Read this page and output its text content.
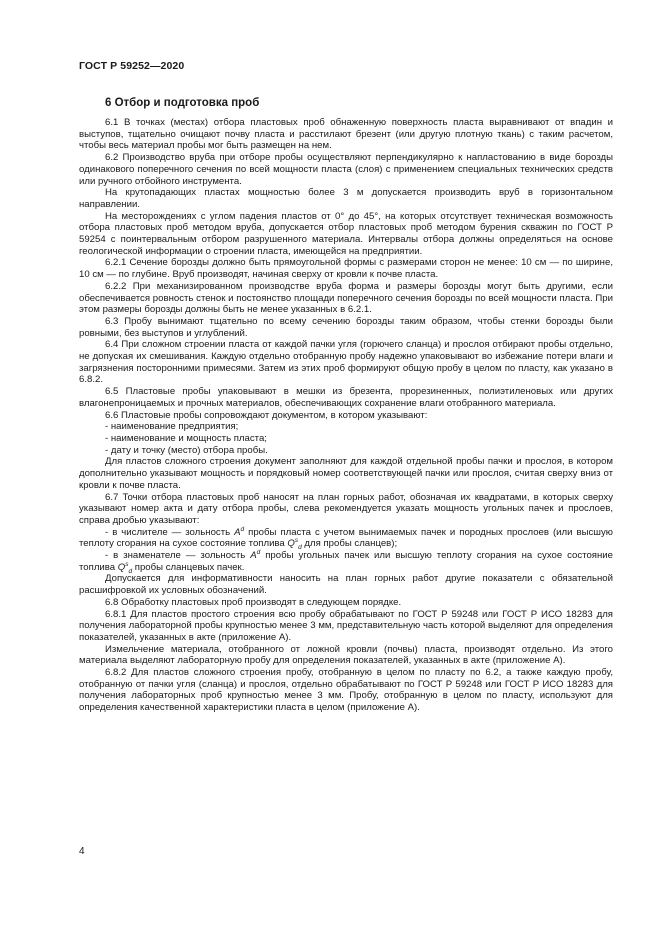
ГОСТ Р 59252—2020
6 Отбор и подготовка проб

6.1 В точках (местах) отбора пластовых проб обнаженную поверхность пласта выравнивают от впадин и выступов, тщательно очищают почву пласта и расстилают брезент (или другую плотную ткань) с таким расчетом, чтобы весь материал пробы мог быть размещен на нем.

6.2 Производство вруба при отборе пробы осуществляют перпендикулярно к напластованию в виде борозды одинакового поперечного сечения по всей мощности пласта (слоя) с применением специальных технических средств или ручного отбойного инструмента.

На крутопадающих пластах мощностью более 3 м допускается производить вруб в горизонтальном направлении.

На месторождениях с углом падения пластов от 0° до 45°, на которых отсутствует техническая возможность отбора пластовых проб методом вруба, допускается отбор пластовых проб методом бурения скважин по ГОСТ Р 59254 с поинтервальным отбором разрушенного материала. Интервалы отбора должны определяться на основе геологической информации о строении пласта, имеющейся на предприятии.

6.2.1 Сечение борозды должно быть прямоугольной формы с размерами сторон не менее: 10 см — по ширине, 10 см — по глубине. Вруб производят, начиная сверху от кровли к почве пласта.

6.2.2 При механизированном производстве вруба форма и размеры борозды могут быть другими, если обеспечивается ровность стенок и постоянство площади поперечного сечения борозды по всей мощности пласта. При этом размеры борозды должны быть не менее указанных в 6.2.1.

6.3 Пробу вынимают тщательно по всему сечению борозды таким образом, чтобы стенки борозды были ровными, без выступов и углублений.

6.4 При сложном строении пласта от каждой пачки угля (горючего сланца) и прослоя отбирают пробы отдельно, не допуская их смешивания. Каждую отдельно отобранную пробу надежно упаковывают во избежание потери влаги и загрязнения посторонними примесями. Затем из этих проб формируют общую пробу в целом по пласту, как указано в 6.8.2.

6.5 Пластовые пробы упаковывают в мешки из брезента, прорезиненных, полиэтиленовых или других влагонепроницаемых и прочных материалов, обеспечивающих сохранение влаги отобранного материала.

6.6 Пластовые пробы сопровождают документом, в котором указывают:

- наименование предприятия;

- наименование и мощность пласта;

- дату и точку (место) отбора пробы.

Для пластов сложного строения документ заполняют для каждой отдельной пробы пачки и прослоя, в котором дополнительно указывают мощность и порядковый номер соответствующей пачки или прослоя, считая сверху вниз от кровли к почве пласта.

6.7 Точки отбора пластовых проб наносят на план горных работ, обозначая их квадратами, в которых сверху указывают номер акта и дату отбора пробы, слева рекомендуется указать мощность угольных пачек и прослоев, справа дробью указывают:

- в числителе — зольность $A^d$ пробы пласта с учетом вынимаемых пачек и породных прослоев (или высшую теплоту сгорания на сухое состояние топлива $Q^s_d$ для пробы сланцев);

- в знаменателе — зольность $A^d$ пробы угольных пачек или высшую теплоту сгорания на сухое состояние топлива $Q^s_d$ пробы сланцевых пачек.

Допускается для информативности наносить на план горных работ другие показатели с обязательной расшифровкой их условных обозначений.

6.8 Обработку пластовых проб производят в следующем порядке.

6.8.1 Для пластов простого строения всю пробу обрабатывают по ГОСТ Р 59248 или ГОСТ Р ИСО 18283 для получения лабораторной пробы крупностью менее 3 мм, представительную часть которой выделяют для определения показателей, указанных в акте (приложение А).

Измельчение материала, отобранного от ложной кровли (почвы) пласта, производят отдельно. Из этого материала выделяют лабораторную пробу для определения показателей, указанных в акте (приложение А).

6.8.2 Для пластов сложного строения пробу, отобранную в целом по пласту по 6.2, а также каждую пробу, отобранную от пачки угля (сланца) и прослоя, отдельно обрабатывают по ГОСТ Р 59248 или ГОСТ Р ИСО 18283 для получения лабораторных проб крупностью менее 3 мм. Пробу, отобранную в целом по пласту, используют для определения качественной характеристики пласта в целом (приложение А).

4
